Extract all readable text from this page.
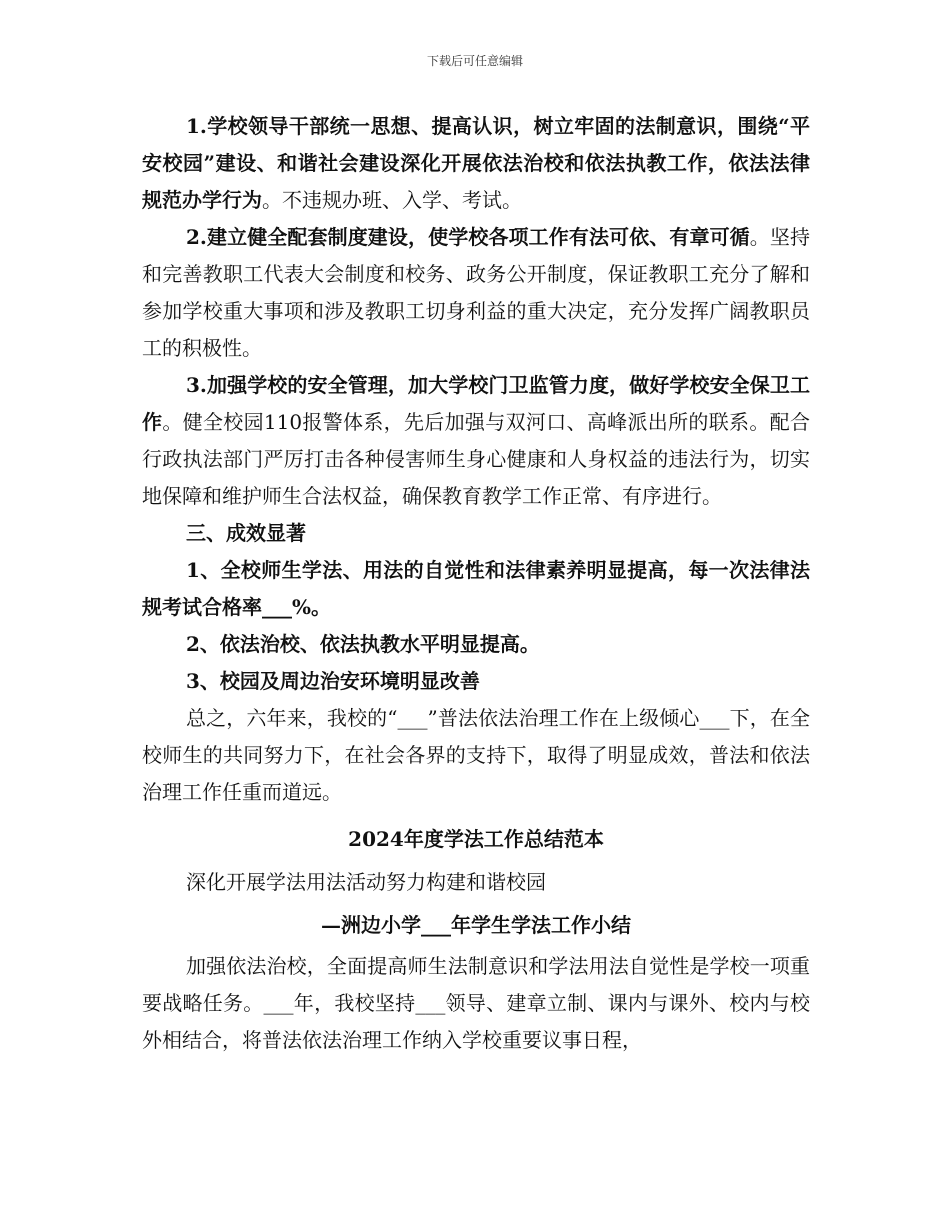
下载后可任意编辑

1.学校领导干部统一思想、提高认识，树立牢固的法制意识，围绕“平安校园”建设、和谐社会建设深化开展依法治校和依法执教工作，依法法律规范办学行为。不违规办班、入学、考试。

2.建立健全配套制度建设，使学校各项工作有法可依、有章可循。坚持和完善教职工代表大会制度和校务、政务公开制度，保证教职工充分了解和参加学校重大事项和涉及教职工切身利益的重大决定，充分发挥广阔教职员工的积极性。

3.加强学校的安全管理，加大学校门卫监管力度，做好学校安全保卫工作。健全校园110报警体系，先后加强与双河口、高峰派出所的联系。配合行政执法部门严厉打击各种侵害师生身心健康和人身权益的违法行为，切实地保障和维护师生合法权益，确保教育教学工作正常、有序进行。

三、成效显著

1、全校师生学法、用法的自觉性和法律素养明显提高，每一次法律法规考试合格率___%。

2、依法治校、依法执教水平明显提高。

3、校园及周边治安环境明显改善

总之，六年来，我校的“___”普法依法治理工作在上级倾心___下，在全校师生的共同努力下，在社会各界的支持下，取得了明显成效，普法和依法治理工作任重而道远。

2024年度学法工作总结范本

深化开展学法用法活动努力构建和谐校园

—洲边小学___年学生学法工作小结

加强依法治校，全面提高师生法制意识和学法用法自觉性是学校一项重要战略任务。___年，我校坚持___领导、建章立制、课内与课外、校内与校外相结合，将普法依法治理工作纳入学校重要议事日程，
